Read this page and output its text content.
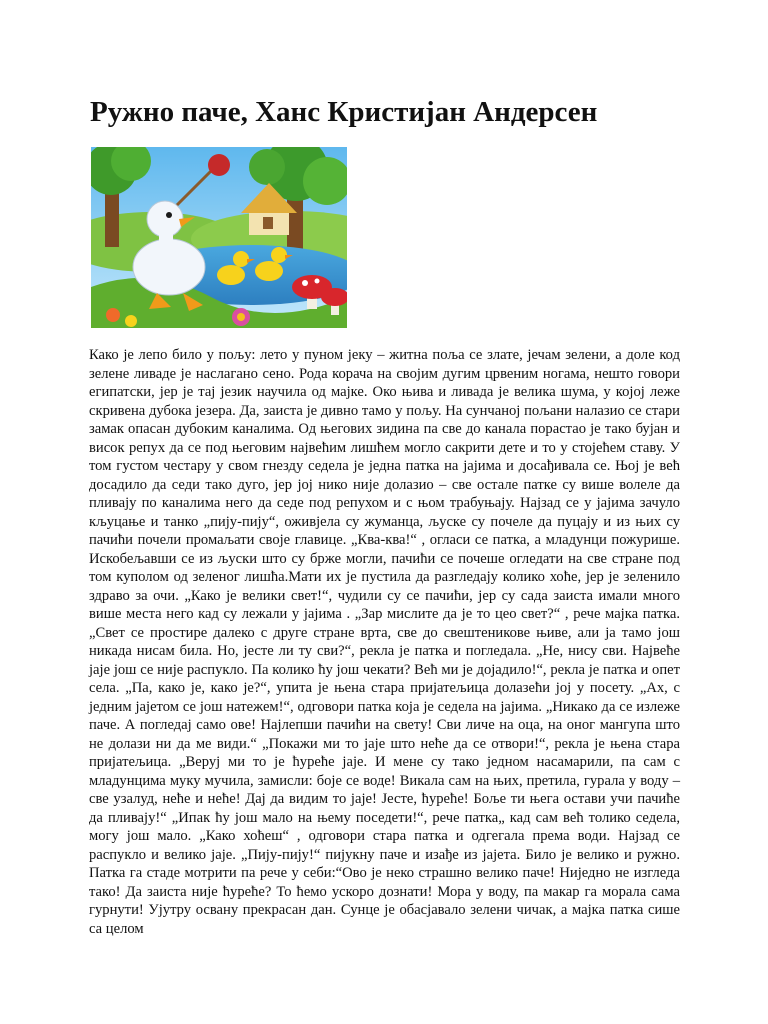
Ружно паче, Ханс Кристијан Андерсен

Како је лепо било у пољу: лето у пуном јеку – житна поља се злате, јечам зелени, а доле код зелене ливаде је наслагано сено. Рода корача на својим дугим црвеним ногама, нешто говори египатски, јер је тај језик научила од мајке. Око њива и ливада је велика шума, у којој леже скривена дубока језера. Да, заиста је дивно тамо у пољу. На сунчаној пољани налазио се стари замак опасан дубоким каналима. Од његових зидина па све до канала порастао је тако бујан и висок репух да се под његовим највећим лишћем могло сакрити дете и то у стојећем ставу. У том густом честару у свом гнезду седела је једна патка на јајима и досађивала се. Њој је већ досадило да седи тако дуго, јер јој нико није долазио – све остале патке су више волеле да пливају по каналима него да седе под репухом и с њом трабуњају. Најзад се у јајима зачуло кљуцање и танко „пију-пију“, оживјела су жуманца, љуске су почеле да пуцају и из њих су пачићи почели промаљати своје главице. „Ква-ква!“ , огласи се патка, а младунци пожуришe. Искобељавши се из љуски што су брже могли, пачићи се почеше огледати на све стране под том куполом од зеленог лишћа.Мати их је пустила да разгледају колико хоће, јер је зеленило здраво за очи. „Како је велики свет!“, чудили су се пачићи, јер су сада заиста имали много више места него кад су лежали у јајима . „Зар мислите да је то цео свет?“ , рече мајка патка. „Свет се простире далеко с друге стране врта, све до свештеникове њиве, али ја тамо још никада нисам била. Но, јесте ли ту сви?“, рекла је патка и погледала. „Не, нису сви. Највеће јаје још се није распукло. Па колико ћу још чекати? Већ ми је дојадило!“, рекла је патка и опет села. „Па, како је, како је?“, упита је њена стара пријатељица долазећи јој у посету. „Ах, с једним јајетом се још натежем!“, одговори патка која је седела на јајима. „Никако да се излеже паче. А погледај само ове! Најлепши пачићи на свету! Сви личе на оца, на оног мангупа што не долази ни да ме види.“ „Покажи ми то јаје што неће да се отвори!“, рекла је њена стара пријатељица. „Веруј ми то је ћуреће јаје. И мене су тако једном насамарили, па сам с младунцима муку мучила, замисли: боје се воде! Викала сам на њих, претила, гурала у воду – све узалуд, неће и неће! Дај да видим то јаје! Јесте, ћуреће! Боље ти њега остави учи пачиће да пливају!“ „Ипак ћу још мало на њему поседети!“, рече патка„ кад сам већ толико седела, могу још мало. „Како хоћеш“ , одговори стара патка и одгегала према води. Најзад се распукло и велико јаје. „Пију-пију!“ пијукну паче и изађе из јајета. Било је велико и ружно. Патка га стаде мотрити па рече у себи:“Ово је неко страшно велико паче! Ниједно не изгледа тако! Да заиста није ћуреће? То ћемо ускоро дознати! Мора у воду, па макар га морала сама гурнути! Ујутру освану прекрасан дан. Сунце је обасјавало зелени чичак, а мајка патка сише са целом
